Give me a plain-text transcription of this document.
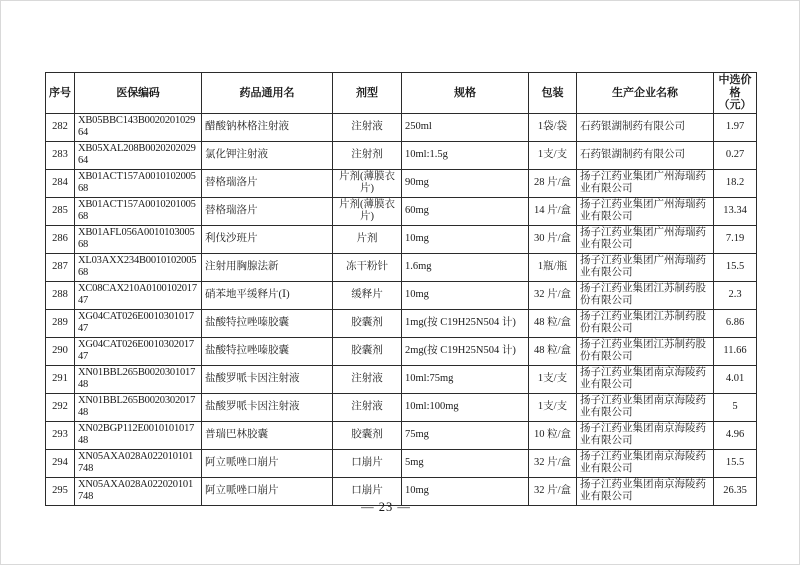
序号	医保编码	药品通用名	剂型	规格	包装	生产企业名称	中选价格（元）
282	XB05BBC143B002020102964	醋酸钠林格注射液	注射液	250ml	1袋/袋	石药银湖制药有限公司	1.97
283	XB05XAL208B002020202964	氯化钾注射液	注射剂	10ml:1.5g	1支/支	石药银湖制药有限公司	0.27
284	XB01ACT157A001010200568	替格瑞洛片	片剂(薄膜衣片)	90mg	28 片/盒	扬子江药业集团广州海瑞药业有限公司	18.2
285	XB01ACT157A001020100568	替格瑞洛片	片剂(薄膜衣片)	60mg	14 片/盒	扬子江药业集团广州海瑞药业有限公司	13.34
286	XB01AFL056A001010300568	利伐沙班片	片剂	10mg	30 片/盒	扬子江药业集团广州海瑞药业有限公司	7.19
287	XL03AXX234B001010200568	注射用胸腺法新	冻干粉针	1.6mg	1瓶/瓶	扬子江药业集团广州海瑞药业有限公司	15.5
288	XC08CAX210A010010201747	硝苯地平缓释片(Ⅰ)	缓释片	10mg	32 片/盒	扬子江药业集团江苏制药股份有限公司	2.3
289	XG04CAT026E001030101747	盐酸特拉唑嗪胶囊	胶囊剂	1mg(按 C19H25N504 计)	48 粒/盒	扬子江药业集团江苏制药股份有限公司	6.86
290	XG04CAT026E001030201747	盐酸特拉唑嗪胶囊	胶囊剂	2mg(按 C19H25N504 计)	48 粒/盒	扬子江药业集团江苏制药股份有限公司	11.66
291	XN01BBL265B002030101748	盐酸罗哌卡因注射液	注射液	10ml:75mg	1支/支	扬子江药业集团南京海陵药业有限公司	4.01
292	XN01BBL265B002030201748	盐酸罗哌卡因注射液	注射液	10ml:100mg	1支/支	扬子江药业集团南京海陵药业有限公司	5
293	XN02BGP112E001010101748	普瑞巴林胶囊	胶囊剂	75mg	10 粒/盒	扬子江药业集团南京海陵药业有限公司	4.96
294	XN05AXA028A022010101748	阿立哌唑口崩片	口崩片	5mg	32 片/盒	扬子江药业集团南京海陵药业有限公司	15.5
295	XN05AXA028A022020101748	阿立哌唑口崩片	口崩片	10mg	32 片/盒	扬子江药业集团南京海陵药业有限公司	26.35
— 23 —
